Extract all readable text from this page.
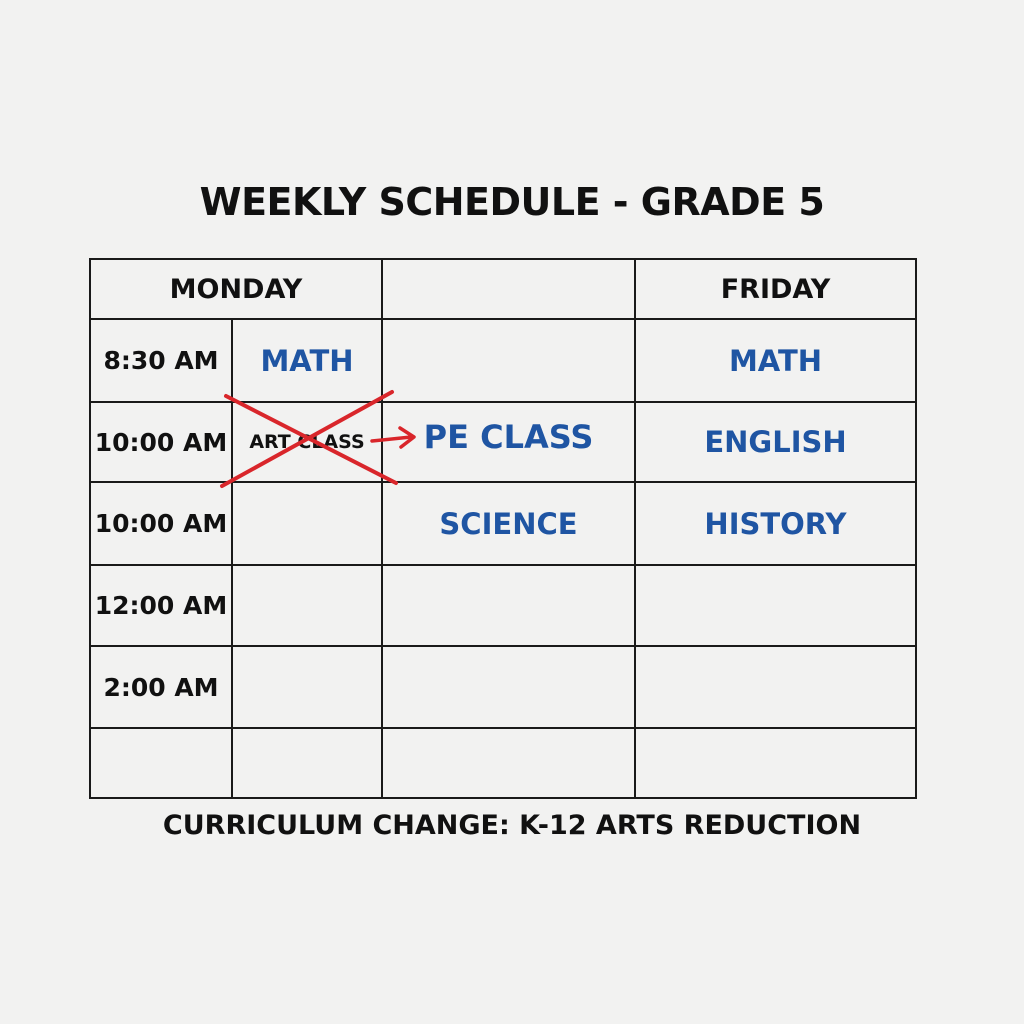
WEEKLY SCHEDULE - GRADE 5
MONDAY	FRIDAY
8:30 AM
10:00 AM
10:00 AM
12:00 AM
2:00 AM
MATH
ART CLASS	PE CLASS
SCIENCE
MATH
ENGLISH
HISTORY
CURRICULUM CHANGE: K-12 ARTS REDUCTION
